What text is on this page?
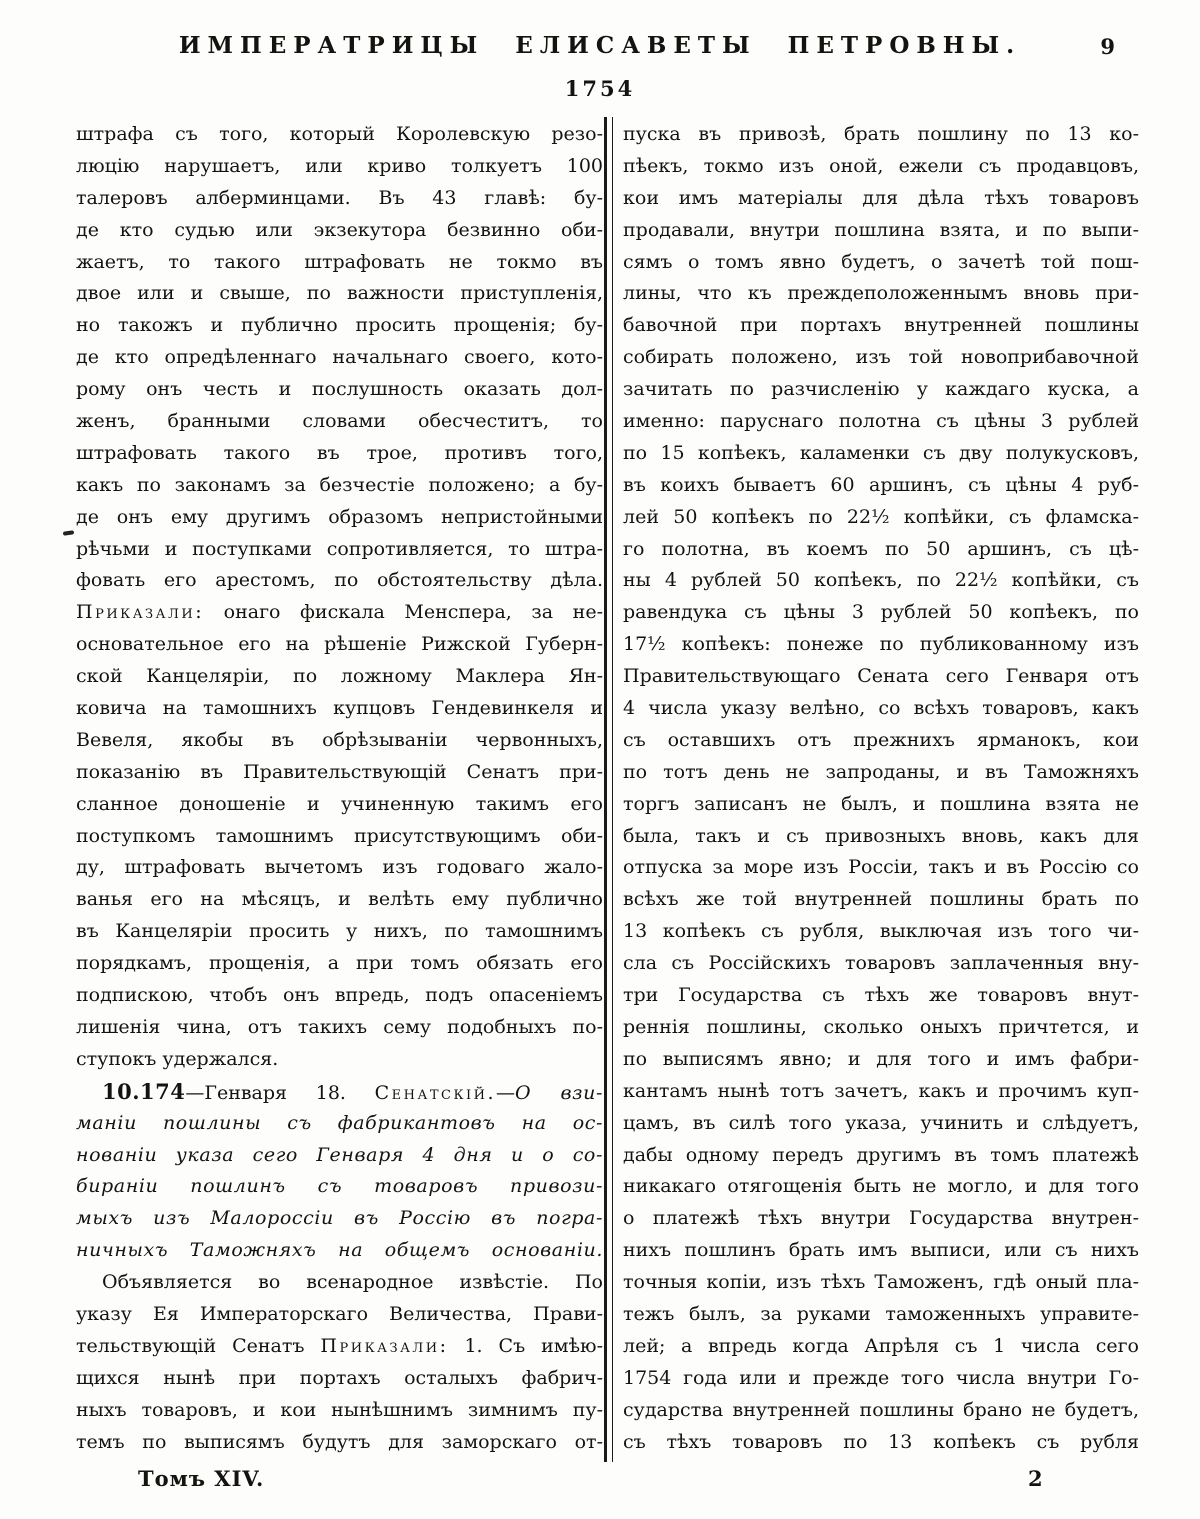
ИМПЕРАТРИЦЫ ЕЛИСАВЕТЫ ПЕТРОВНЫ.	9
1754
штрафа съ того, который Королевскую резо-
люцію нарушаетъ, или криво толкуетъ 100
талеровъ алберминцами. Въ 43 главѣ: бу-
де кто судью или экзекутора безвинно оби-
жаетъ, то такого штрафовать не токмо въ
двое или и свыше, по важности приступленія,
но такожъ и публично просить прощенія; бу-
де кто опредѣленнаго начальнаго своего, кото-
рому онъ честь и послушность оказать дол-
женъ, бранными словами обесчеститъ, то
штрафовать такого въ трое, противъ того,
какъ по законамъ за безчестіе положено; а бу-
де онъ ему другимъ образомъ непристойными
рѣчьми и поступками сопротивляется, то штра-
фовать его арестомъ, по обстоятельству дѣла.
Приказали: онаго фискала Менспера, за не-
основательное его на рѣшеніе Рижской Губерн-
ской Канцеляріи, по ложному Маклера Ян-
ковича на тамошнихъ купцовъ Гендевинкеля и
Вевеля, якобы въ обрѣзываніи червонныхъ,
показанію въ Правительствующій Сенатъ при-
сланное доношеніе и учиненную такимъ его
поступкомъ тамошнимъ присутствующимъ оби-
ду, штрафовать вычетомъ изъ годоваго жало-
ванья его на мѣсяцъ, и велѣть ему публично
въ Канцеляріи просить у нихъ, по тамошнимъ
порядкамъ, прощенія, а при томъ обязать его
подпискою, чтобъ онъ впредь, подъ опасеніемъ
лишенія чина, отъ такихъ сему подобныхъ по-
ступокъ удержался.
10.174—Генваря 18. Сенатскій.—О взи-
маніи пошлины съ фабрикантовъ на ос-
нованіи указа сего Генваря 4 дня и о со-
бираніи пошлинъ съ товаровъ привози-
мыхъ изъ Малороссіи въ Россію въ погра-
ничныхъ Таможняхъ на общемъ основаніи.
Объявляется во всенародное извѣстіе. По
указу Ея Императорскаго Величества, Прави-
тельствующій Сенатъ Приказали: 1. Съ имѣю-
щихся нынѣ при портахъ осталыхъ фабрич-
ныхъ товаровъ, и кои нынѣшнимъ зимнимъ пу-
темъ по выписямъ будутъ для заморскаго от-
пуска въ привозѣ, брать пошлину по 13 ко-
пѣекъ, токмо изъ оной, ежели съ продавцовъ,
кои имъ матеріалы для дѣла тѣхъ товаровъ
продавали, внутри пошлина взята, и по выпи-
сямъ о томъ явно будетъ, о зачетѣ той пош-
лины, что къ преждеположеннымъ вновь при-
бавочной при портахъ внутренней пошлины
собирать положено, изъ той новоприбавочной
зачитать по разчисленію у каждаго куска, а
именно: паруснаго полотна съ цѣны 3 рублей
по 15 копѣекъ, каламенки съ дву полукусковъ,
въ коихъ бываетъ 60 аршинъ, съ цѣны 4 руб-
лей 50 копѣекъ по 22½ копѣйки, съ фламска-
го полотна, въ коемъ по 50 аршинъ, съ цѣ-
ны 4 рублей 50 копѣекъ, по 22½ копѣйки, съ
равендука съ цѣны 3 рублей 50 копѣекъ, по
17½ копѣекъ: понеже по публикованному изъ
Правительствующаго Сената сего Генваря отъ
4 числа указу велѣно, со всѣхъ товаровъ, какъ
съ оставшихъ отъ прежнихъ ярманокъ, кои
по тотъ день не запроданы, и въ Таможняхъ
торгъ записанъ не былъ, и пошлина взята не
была, такъ и съ привозныхъ вновь, какъ для
отпуска за море изъ Россіи, такъ и въ Россію со
всѣхъ же той внутренней пошлины брать по
13 копѣекъ съ рубля, выключая изъ того чи-
сла съ Россійскихъ товаровъ заплаченныя вну-
три Государства съ тѣхъ же товаровъ внут-
реннія пошлины, сколько оныхъ причтется, и
по выписямъ явно; и для того и имъ фабри-
кантамъ нынѣ тотъ зачетъ, какъ и прочимъ куп-
цамъ, въ силѣ того указа, учинить и слѣдуетъ,
дабы одному передъ другимъ въ томъ платежѣ
никакаго отягощенія быть не могло, и для того
о платежѣ тѣхъ внутри Государства внутрен-
нихъ пошлинъ брать имъ выписи, или съ нихъ
точныя копіи, изъ тѣхъ Таможенъ, гдѣ оный пла-
тежъ былъ, за руками таможенныхъ управите-
лей; а впредь когда Апрѣля съ 1 числа сего
1754 года или и прежде того числа внутри Го-
сударства внутренней пошлины брано не будетъ,
съ тѣхъ товаровъ по 13 копѣекъ съ рубля
Томъ XIV.	2
